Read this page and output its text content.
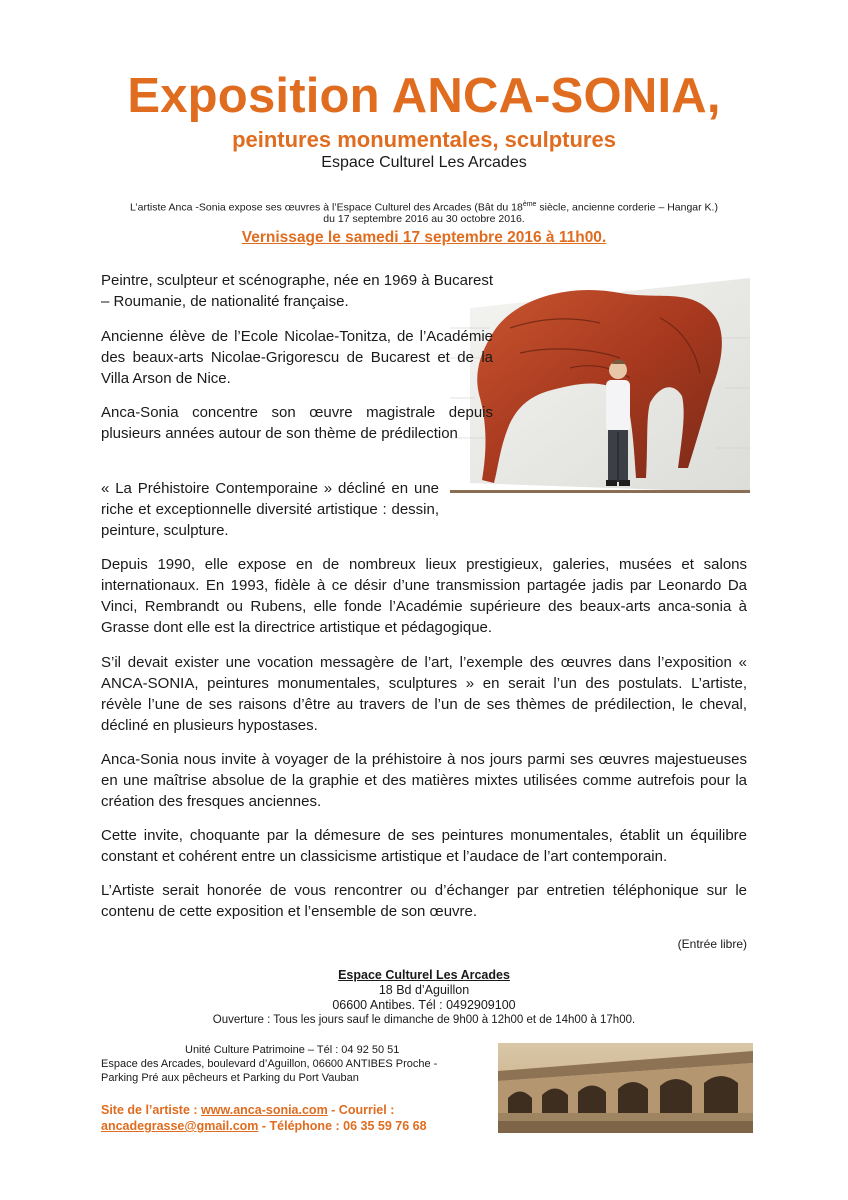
Exposition ANCA-SONIA,
peintures monumentales, sculptures
Espace Culturel Les Arcades
L’artiste Anca -Sonia expose ses œuvres à l’Espace Culturel des Arcades (Bât du 18ème siècle, ancienne corderie – Hangar K.)
du 17 septembre 2016 au 30 octobre 2016.
Vernissage le samedi 17 septembre 2016 à 11h00.
Peintre, sculpteur et scénographe, née en 1969 à Bucarest – Roumanie, de nationalité française.
Ancienne élève de l’Ecole Nicolae-Tonitza, de l’Académie des beaux-arts Nicolae-Grigorescu de Bucarest et de la Villa Arson de Nice.
Anca-Sonia concentre son œuvre magistrale depuis plusieurs années autour de son thème de prédilection
« La Préhistoire Contemporaine » décliné en une riche et exceptionnelle diversité artistique : dessin, peinture, sculpture.
Depuis 1990, elle expose en de nombreux lieux prestigieux, galeries, musées et salons internationaux. En 1993, fidèle à ce désir d’une transmission partagée jadis par Leonardo Da Vinci, Rembrandt ou Rubens, elle fonde l’Académie supérieure des beaux-arts anca-sonia à Grasse dont elle est la directrice artistique et pédagogique.
S’il devait exister une vocation messagère de l’art, l’exemple des œuvres dans l’exposition « ANCA-SONIA, peintures monumentales, sculptures » en serait l’un des postulats. L’artiste, révèle l’une de ses raisons d’être au travers de l’un de ses thèmes de prédilection, le cheval, décliné en plusieurs hypostases.
Anca-Sonia nous invite à voyager de la préhistoire à nos jours parmi ses œuvres majestueuses en une maîtrise absolue de la graphie et des matières mixtes utilisées comme autrefois pour la création des fresques anciennes.
Cette invite, choquante par la démesure de ses peintures monumentales, établit un équilibre constant et cohérent entre un classicisme artistique et l’audace de l’art contemporain.
L’Artiste serait honorée de vous rencontrer ou d’échanger par entretien téléphonique sur le contenu de cette exposition et l’ensemble de son œuvre.
(Entrée libre)
Espace Culturel Les Arcades
18 Bd d’Aguillon
06600 Antibes. Tél : 0492909100
Ouverture : Tous les jours sauf le dimanche de 9h00 à 12h00 et de 14h00 à 17h00.
Unité Culture Patrimoine – Tél : 04 92 50 51
Espace des Arcades, boulevard d’Aguillon, 06600 ANTIBES Proche -
Parking Pré aux pêcheurs et Parking du Port Vauban
Site de l’artiste : www.anca-sonia.com - Courriel :
ancadegrasse@gmail.com - Téléphone : 06 35 59 76 68
